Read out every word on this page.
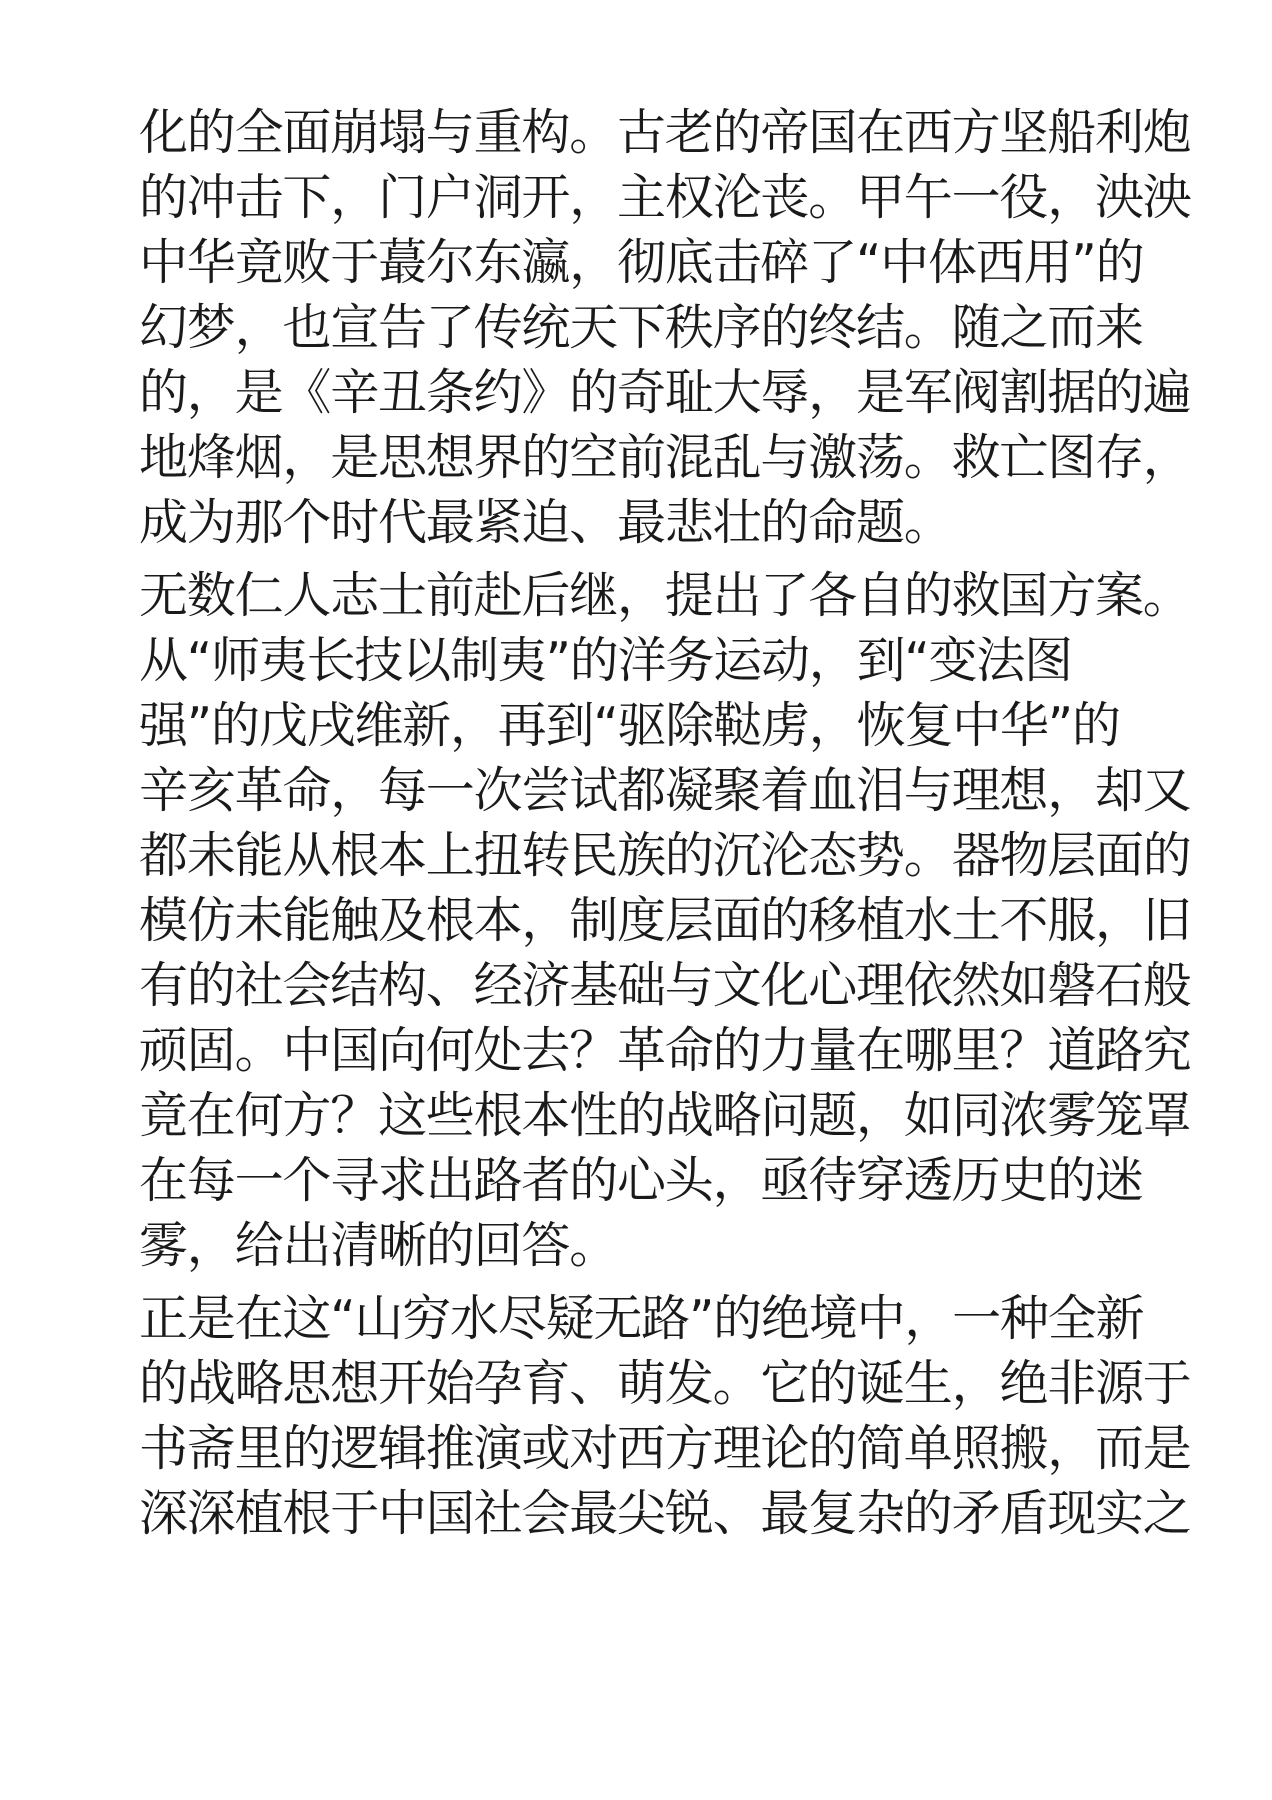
化的全面崩塌与重构。古老的帝国在西方坚船利炮
的冲击下，门户洞开，主权沦丧。甲午一役，泱泱
中华竟败于蕞尔东瀛，彻底击碎了“中体西用”的
幻梦，也宣告了传统天下秩序的终结。随之而来
的，是《辛丑条约》的奇耻大辱，是军阀割据的遍
地烽烟，是思想界的空前混乱与激荡。救亡图存，
成为那个时代最紧迫、最悲壮的命题。
无数仁人志士前赴后继，提出了各自的救国方案。
从“师夷长技以制夷”的洋务运动，到“变法图
强”的戊戌维新，再到“驱除鞑虏，恢复中华”的
辛亥革命，每一次尝试都凝聚着血泪与理想，却又
都未能从根本上扭转民族的沉沦态势。器物层面的
模仿未能触及根本，制度层面的移植水土不服，旧
有的社会结构、经济基础与文化心理依然如磐石般
顽固。中国向何处去？革命的力量在哪里？道路究
竟在何方？这些根本性的战略问题，如同浓雾笼罩
在每一个寻求出路者的心头，亟待穿透历史的迷
雾，给出清晰的回答。
正是在这“山穷水尽疑无路”的绝境中，一种全新
的战略思想开始孕育、萌发。它的诞生，绝非源于
书斋里的逻辑推演或对西方理论的简单照搬，而是
深深植根于中国社会最尖锐、最复杂的矛盾现实之
